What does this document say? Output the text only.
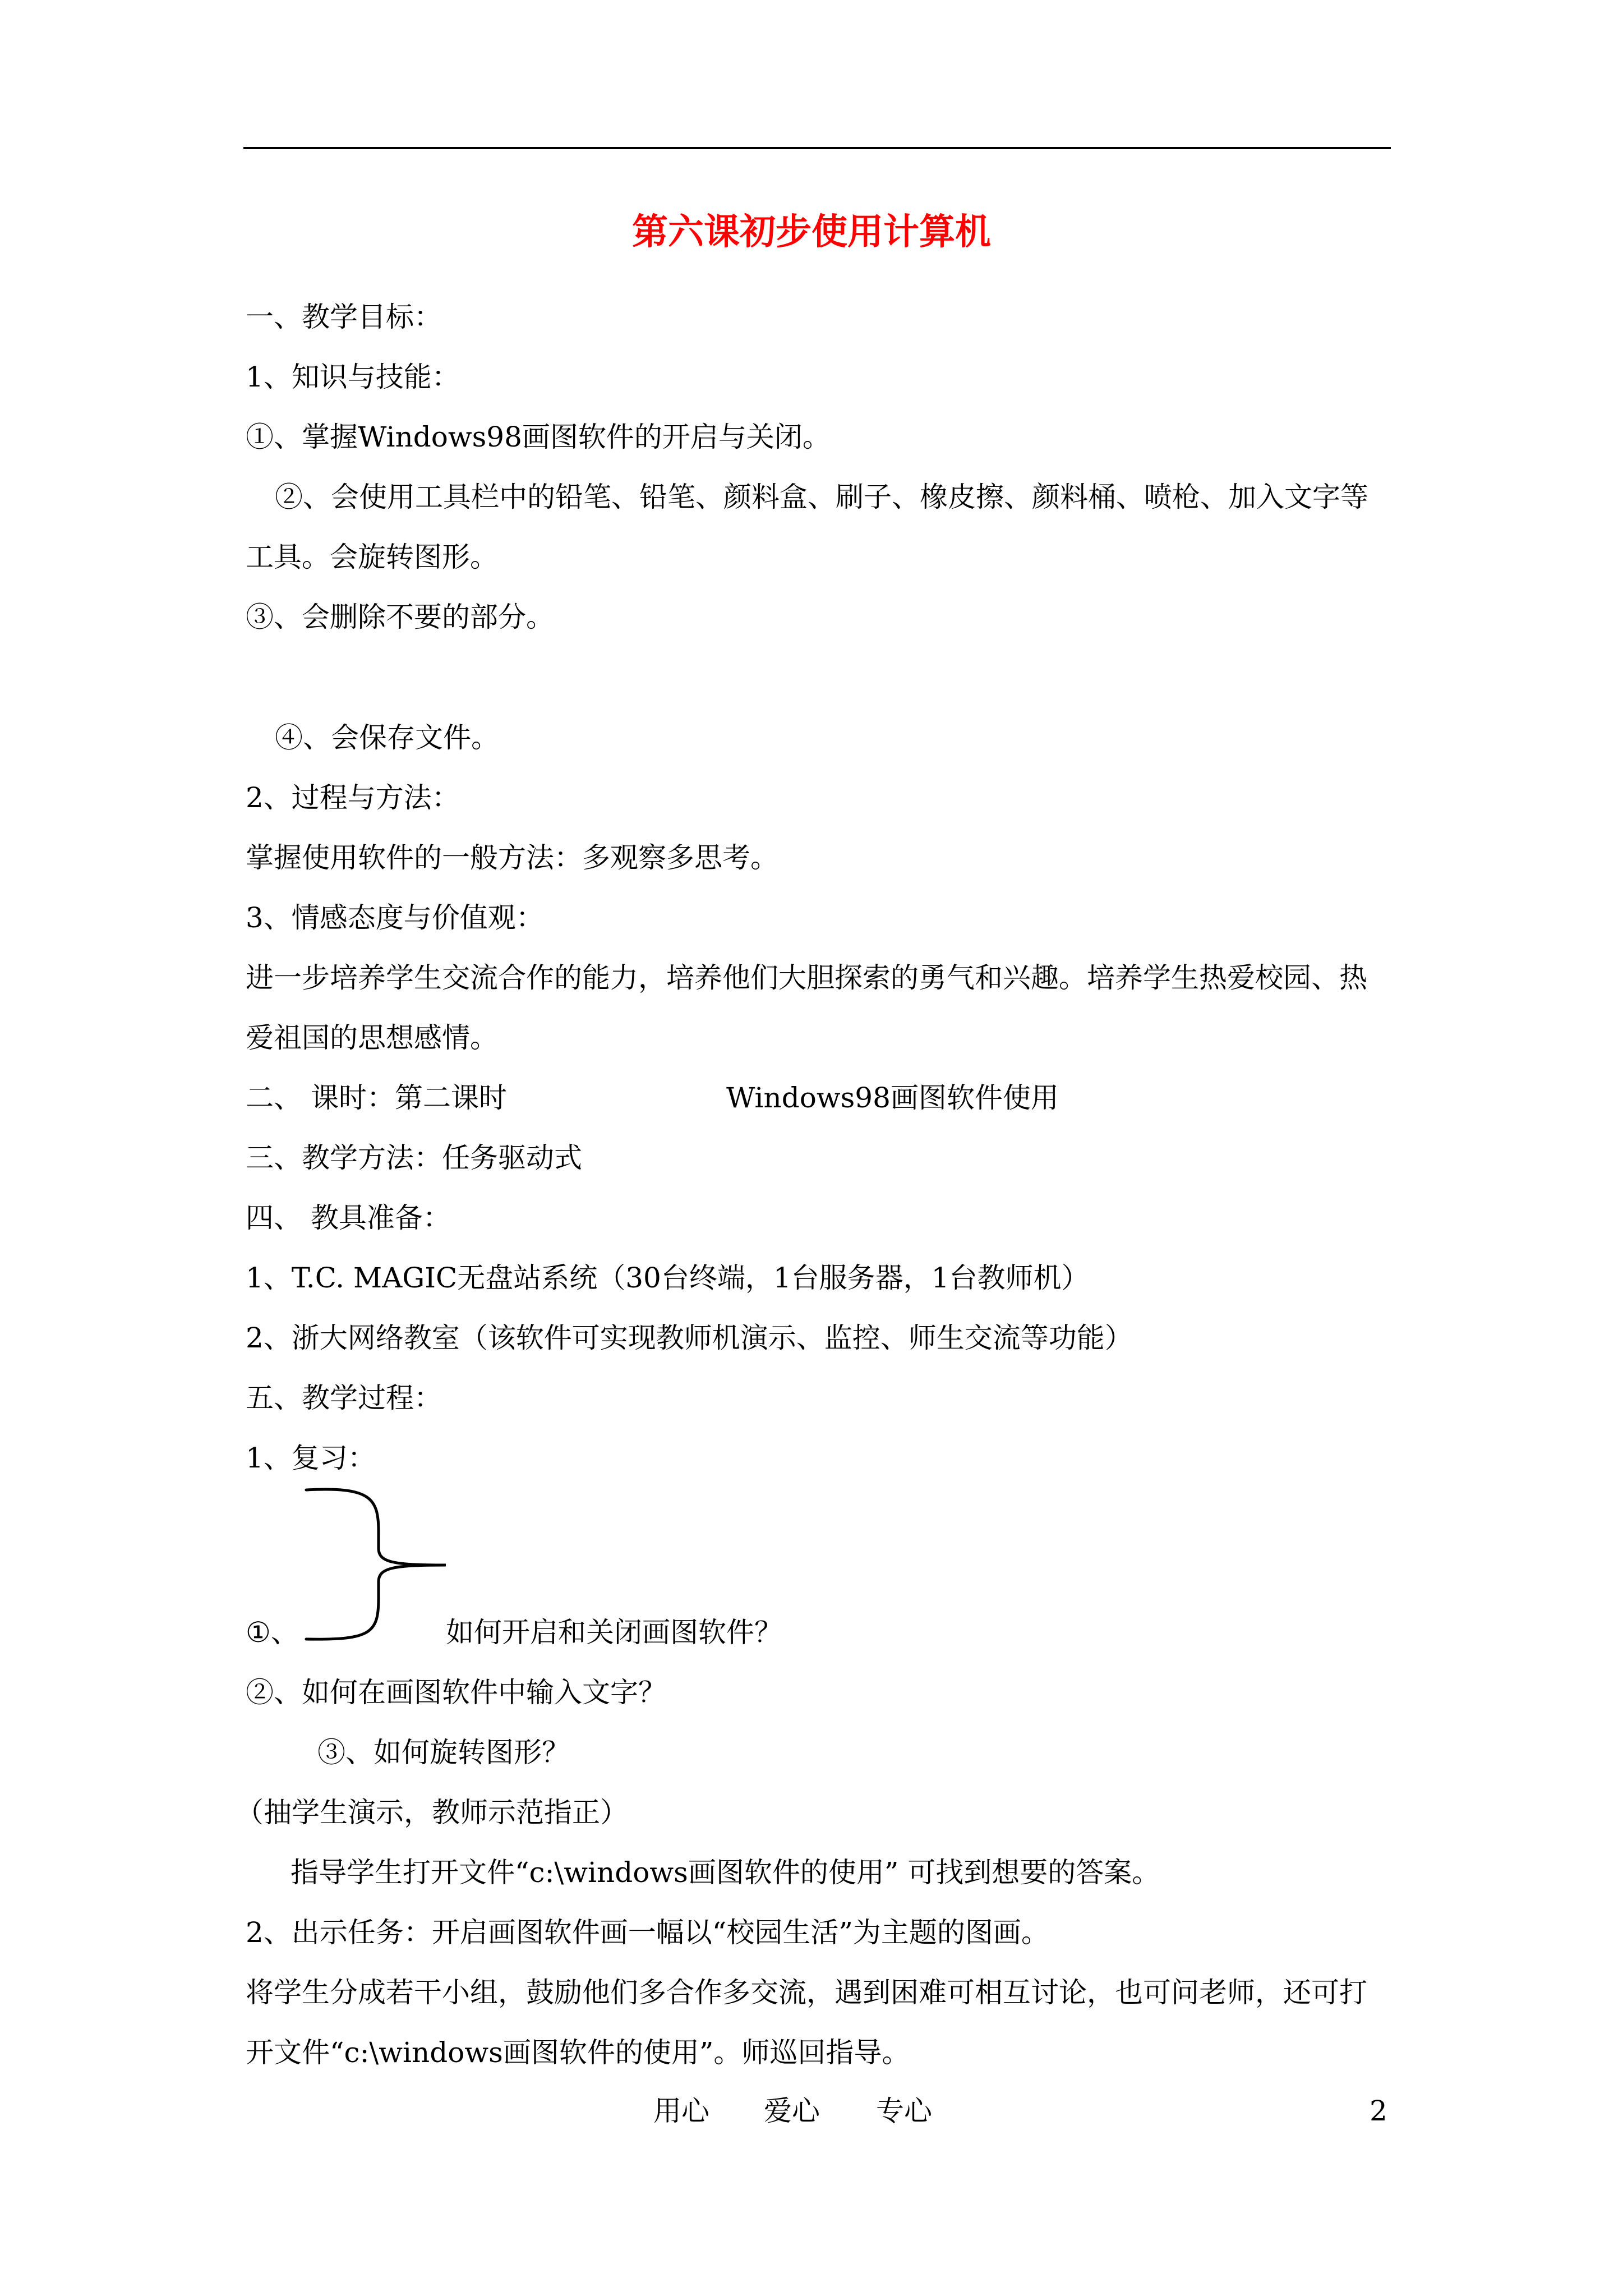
第六课初步使用计算机
一、教学目标：
1、知识与技能：
①、掌握Windows98画图软件的开启与关闭。
②、会使用工具栏中的铅笔、铅笔、颜料盒、刷子、橡皮擦、颜料桶、喷枪、加入文字等
工具。会旋转图形。
③、会删除不要的部分。
④、会保存文件。
2、过程与方法：
掌握使用软件的一般方法：多观察多思考。
3、情感态度与价值观：
进一步培养学生交流合作的能力，培养他们大胆探索的勇气和兴趣。培养学生热爱校园、热
爱祖国的思想感情。
二、 课时：第二课时	Windows98画图软件使用
三、教学方法：任务驱动式
四、 教具准备：
1、T.C. MAGIC无盘站系统（30台终端，1台服务器，1台教师机）
2、浙大网络教室（该软件可实现教师机演示、监控、师生交流等功能）
五、教学过程：
1、复习：
①、	如何开启和关闭画图软件？
②、如何在画图软件中输入文字？
③、如何旋转图形？
（抽学生演示，教师示范指正）
指导学生打开文件“c:\windows画图软件的使用” 可找到想要的答案。
2、出示任务：开启画图软件画一幅以“校园生活”为主题的图画。
将学生分成若干小组，鼓励他们多合作多交流，遇到困难可相互讨论，也可问老师，还可打
开文件“c:\windows画图软件的使用”。师巡回指导。
用心 爱心 专心	2
